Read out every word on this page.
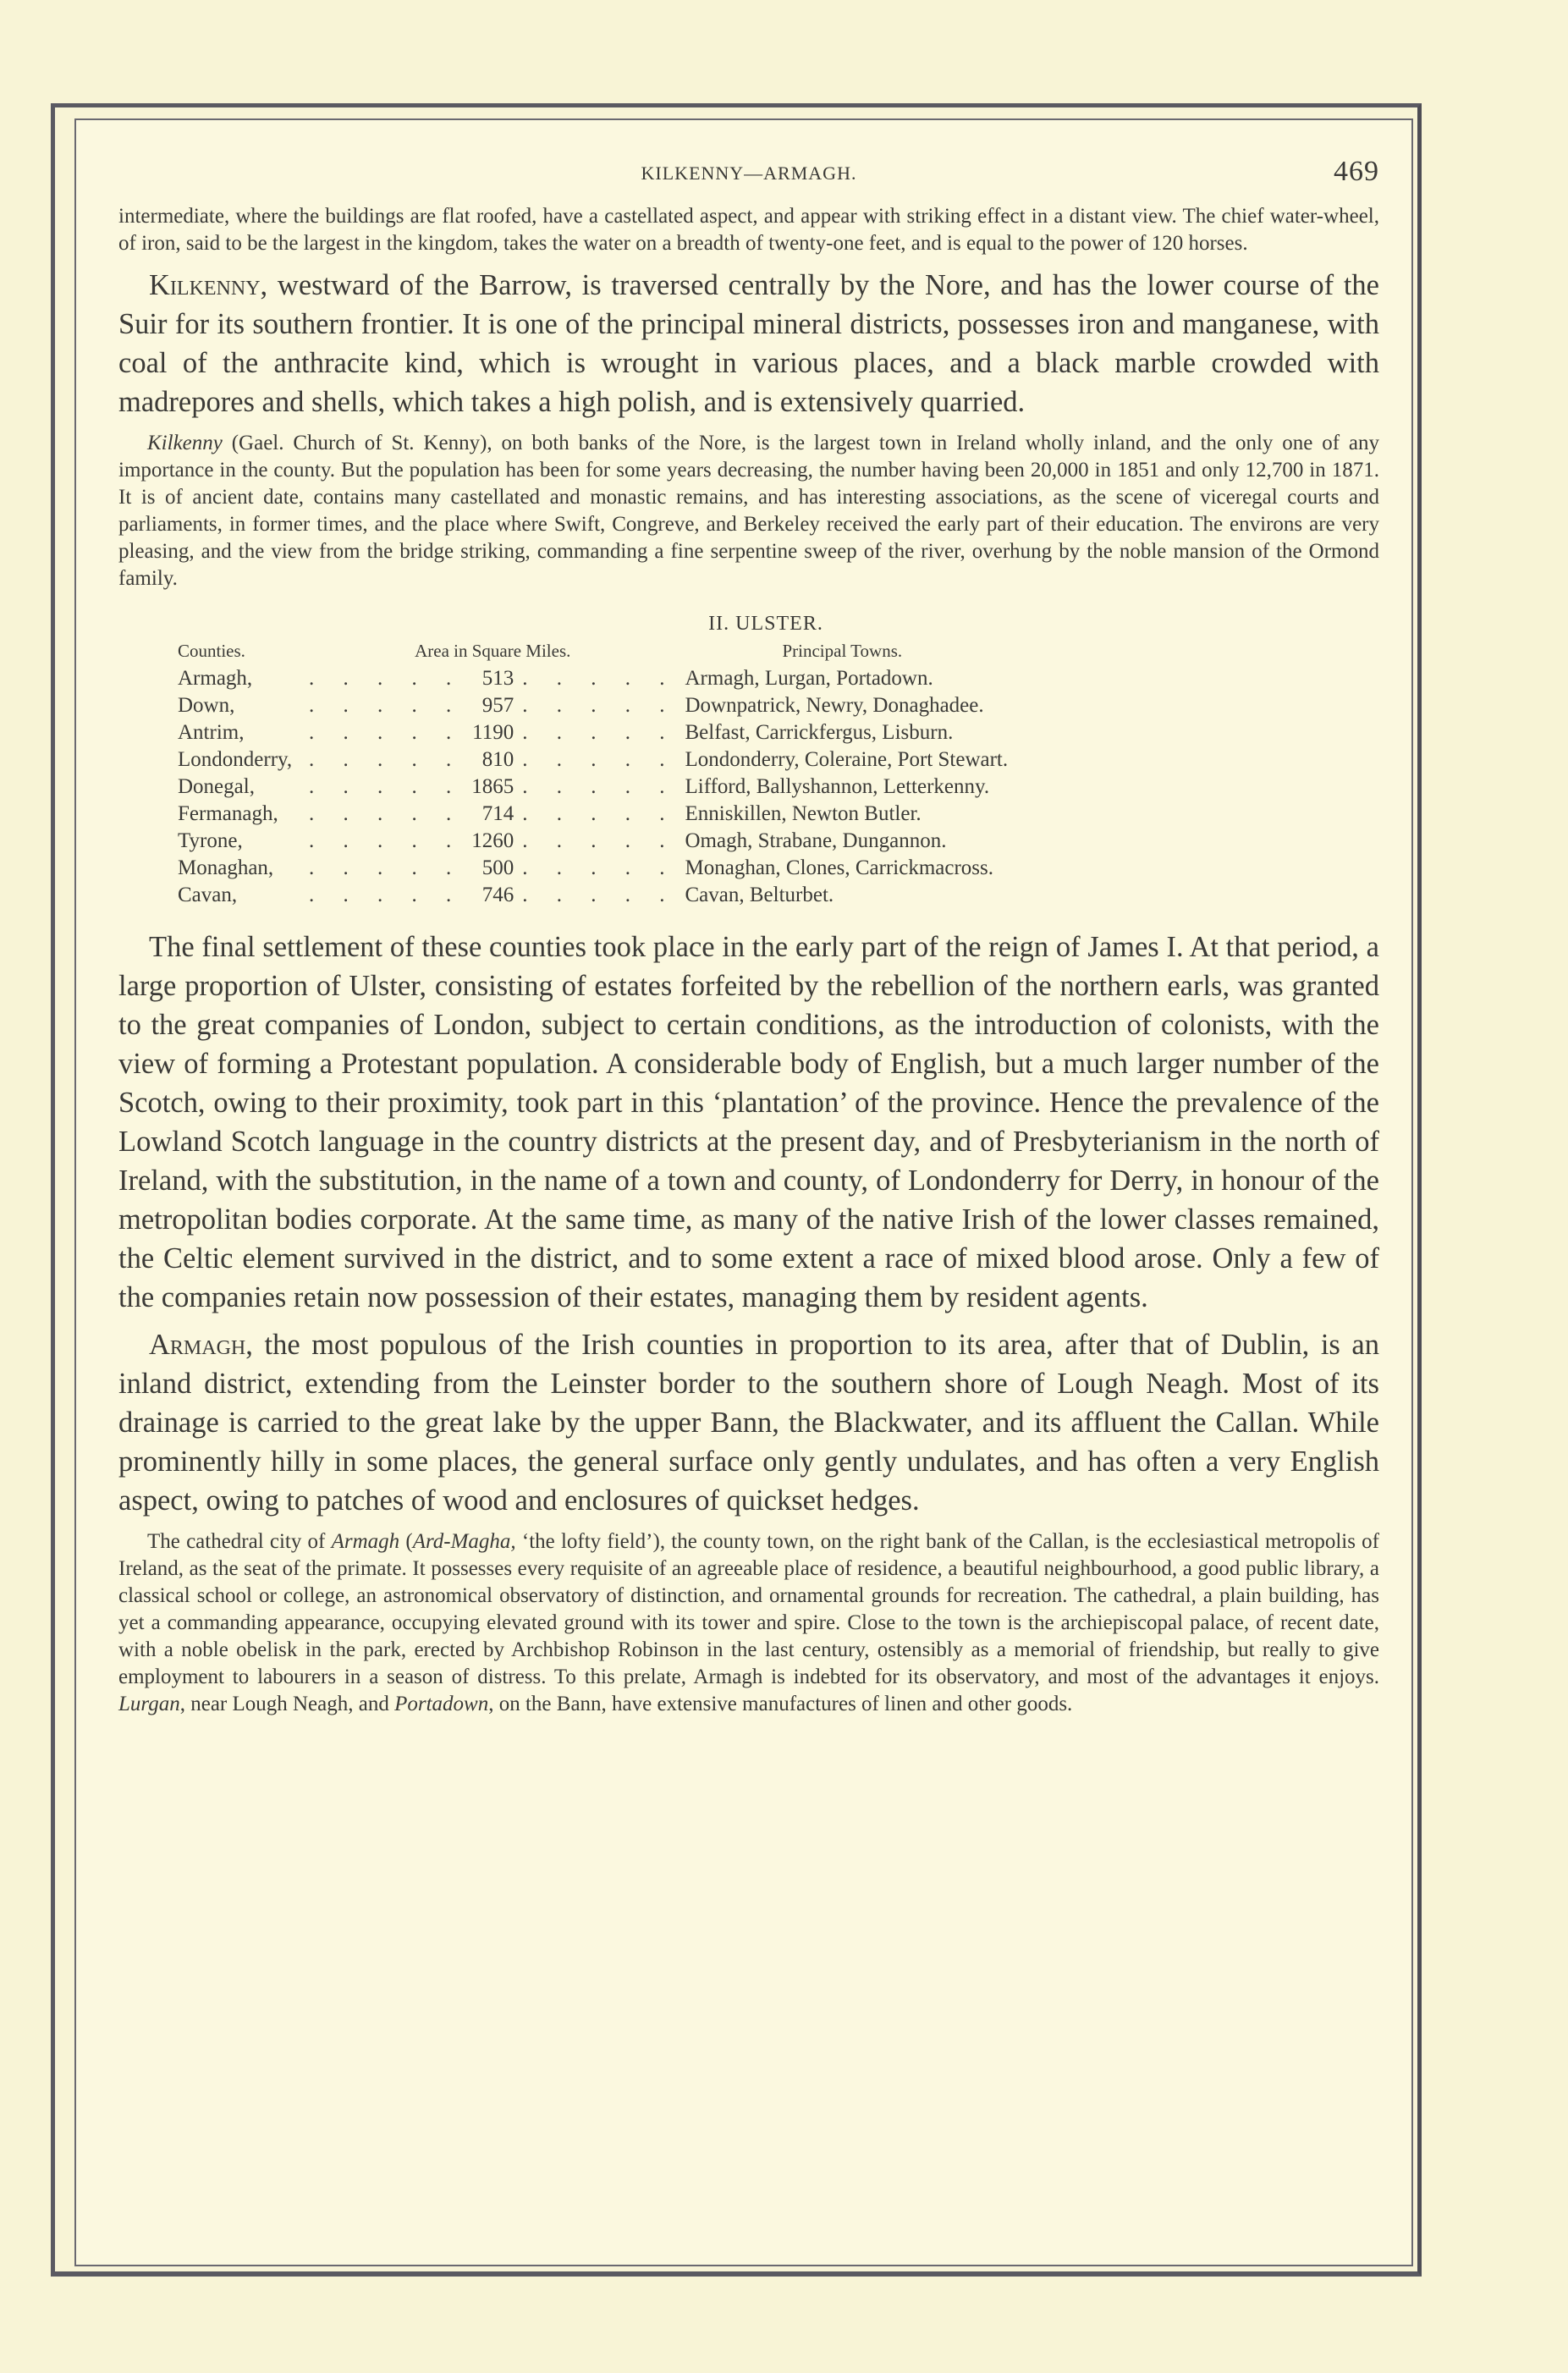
KILKENNY—ARMAGH.	469

intermediate, where the buildings are flat roofed, have a castellated aspect, and appear with striking effect in a distant view. The chief water-wheel, of iron, said to be the largest in the kingdom, takes the water on a breadth of twenty-one feet, and is equal to the power of 120 horses.

Kilkenny, westward of the Barrow, is traversed centrally by the Nore, and has the lower course of the Suir for its southern frontier. It is one of the principal mineral districts, possesses iron and manganese, with coal of the anthracite kind, which is wrought in various places, and a black marble crowded with madrepores and shells, which takes a high polish, and is extensively quarried.

Kilkenny (Gael. Church of St. Kenny), on both banks of the Nore, is the largest town in Ireland wholly inland, and the only one of any importance in the county. But the population has been for some years decreasing, the number having been 20,000 in 1851 and only 12,700 in 1871. It is of ancient date, contains many castellated and monastic remains, and has interesting associations, as the scene of viceregal courts and parliaments, in former times, and the place where Swift, Congreve, and Berkeley received the early part of their education. The environs are very pleasing, and the view from the bridge striking, commanding a fine serpentine sweep of the river, overhung by the noble mansion of the Ormond family.

II. ULSTER.
Counties.	Area in Square Miles.			Principal Towns.
Armagh,	. . . . .	513	. . . . .	Armagh, Lurgan, Portadown.
Down,	. . . . .	957	. . . . .	Downpatrick, Newry, Donaghadee.
Antrim,	. . . . .	1190	. . . . .	Belfast, Carrickfergus, Lisburn.
Londonderry,	. . . . .	810	. . . . .	Londonderry, Coleraine, Port Stewart.
Donegal,	. . . . .	1865	. . . . .	Lifford, Ballyshannon, Letterkenny.
Fermanagh,	. . . . .	714	. . . . .	Enniskillen, Newton Butler.
Tyrone,	. . . . .	1260	. . . . .	Omagh, Strabane, Dungannon.
Monaghan,	. . . . .	500	. . . . .	Monaghan, Clones, Carrickmacross.
Cavan,	. . . . .	746	. . . . .	Cavan, Belturbet.

The final settlement of these counties took place in the early part of the reign of James I. At that period, a large proportion of Ulster, consisting of estates forfeited by the rebellion of the northern earls, was granted to the great companies of London, subject to certain conditions, as the introduction of colonists, with the view of forming a Protestant population. A considerable body of English, but a much larger number of the Scotch, owing to their proximity, took part in this ‘plantation’ of the province. Hence the prevalence of the Lowland Scotch language in the country districts at the present day, and of Presbyterianism in the north of Ireland, with the substitution, in the name of a town and county, of Londonderry for Derry, in honour of the metropolitan bodies corporate. At the same time, as many of the native Irish of the lower classes remained, the Celtic element survived in the district, and to some extent a race of mixed blood arose. Only a few of the companies retain now possession of their estates, managing them by resident agents.

Armagh, the most populous of the Irish counties in proportion to its area, after that of Dublin, is an inland district, extending from the Leinster border to the southern shore of Lough Neagh. Most of its drainage is carried to the great lake by the upper Bann, the Blackwater, and its affluent the Callan. While prominently hilly in some places, the general surface only gently undulates, and has often a very English aspect, owing to patches of wood and enclosures of quickset hedges.

The cathedral city of Armagh (Ard-Magha, ‘the lofty field’), the county town, on the right bank of the Callan, is the ecclesiastical metropolis of Ireland, as the seat of the primate. It possesses every requisite of an agreeable place of residence, a beautiful neighbourhood, a good public library, a classical school or college, an astronomical observatory of distinction, and ornamental grounds for recreation. The cathedral, a plain building, has yet a commanding appearance, occupying elevated ground with its tower and spire. Close to the town is the archiepiscopal palace, of recent date, with a noble obelisk in the park, erected by Archbishop Robinson in the last century, ostensibly as a memorial of friendship, but really to give employment to labourers in a season of distress. To this prelate, Armagh is indebted for its observatory, and most of the advantages it enjoys. Lurgan, near Lough Neagh, and Portadown, on the Bann, have extensive manufactures of linen and other goods.
